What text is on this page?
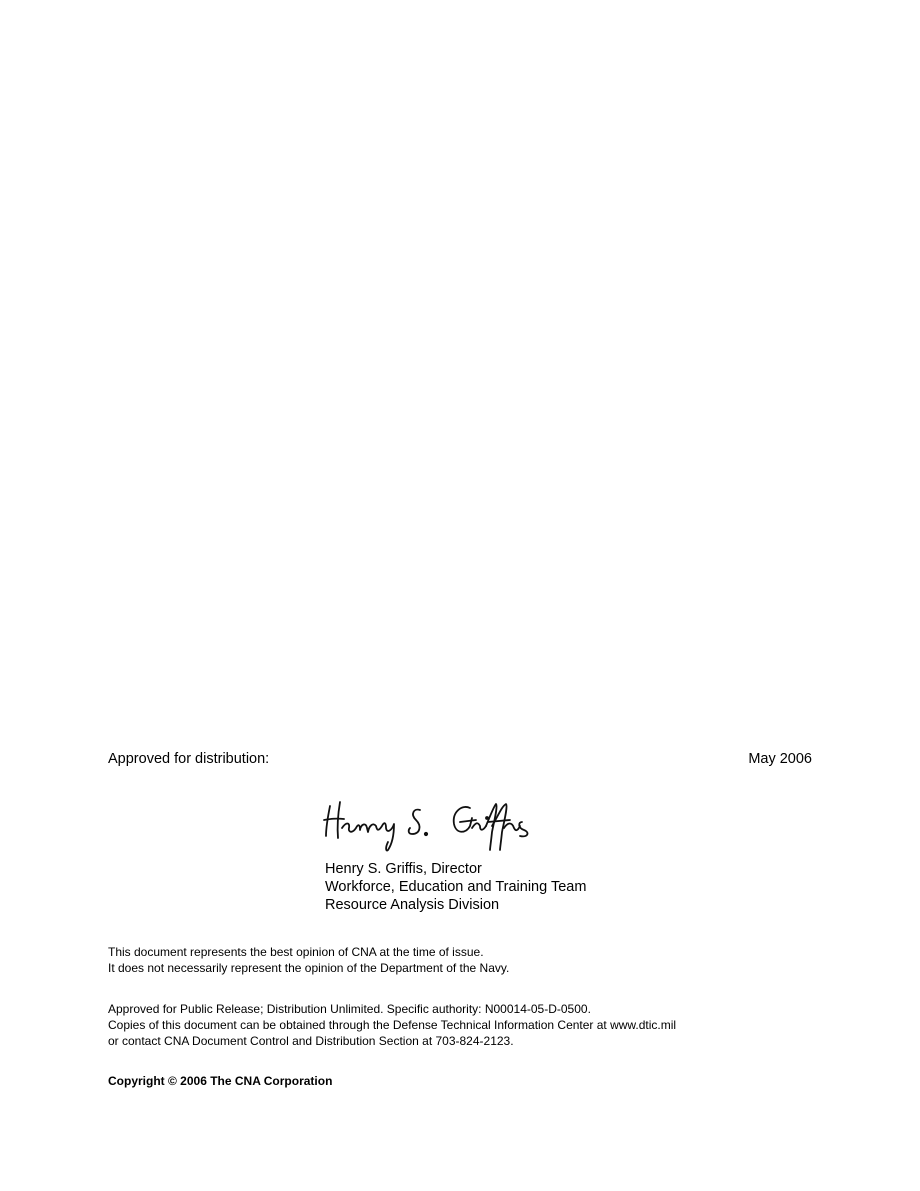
Approved for distribution:	May 2006
Henry S. Griffis, Director
Workforce, Education and Training Team
Resource Analysis Division
This document represents the best opinion of CNA at the time of issue.
It does not necessarily represent the opinion of the Department of the Navy.
Approved for Public Release; Distribution Unlimited. Specific authority: N00014-05-D-0500.
Copies of this document can be obtained through the Defense Technical Information Center at www.dtic.mil
or contact CNA Document Control and Distribution Section at 703-824-2123.
Copyright © 2006 The CNA Corporation
